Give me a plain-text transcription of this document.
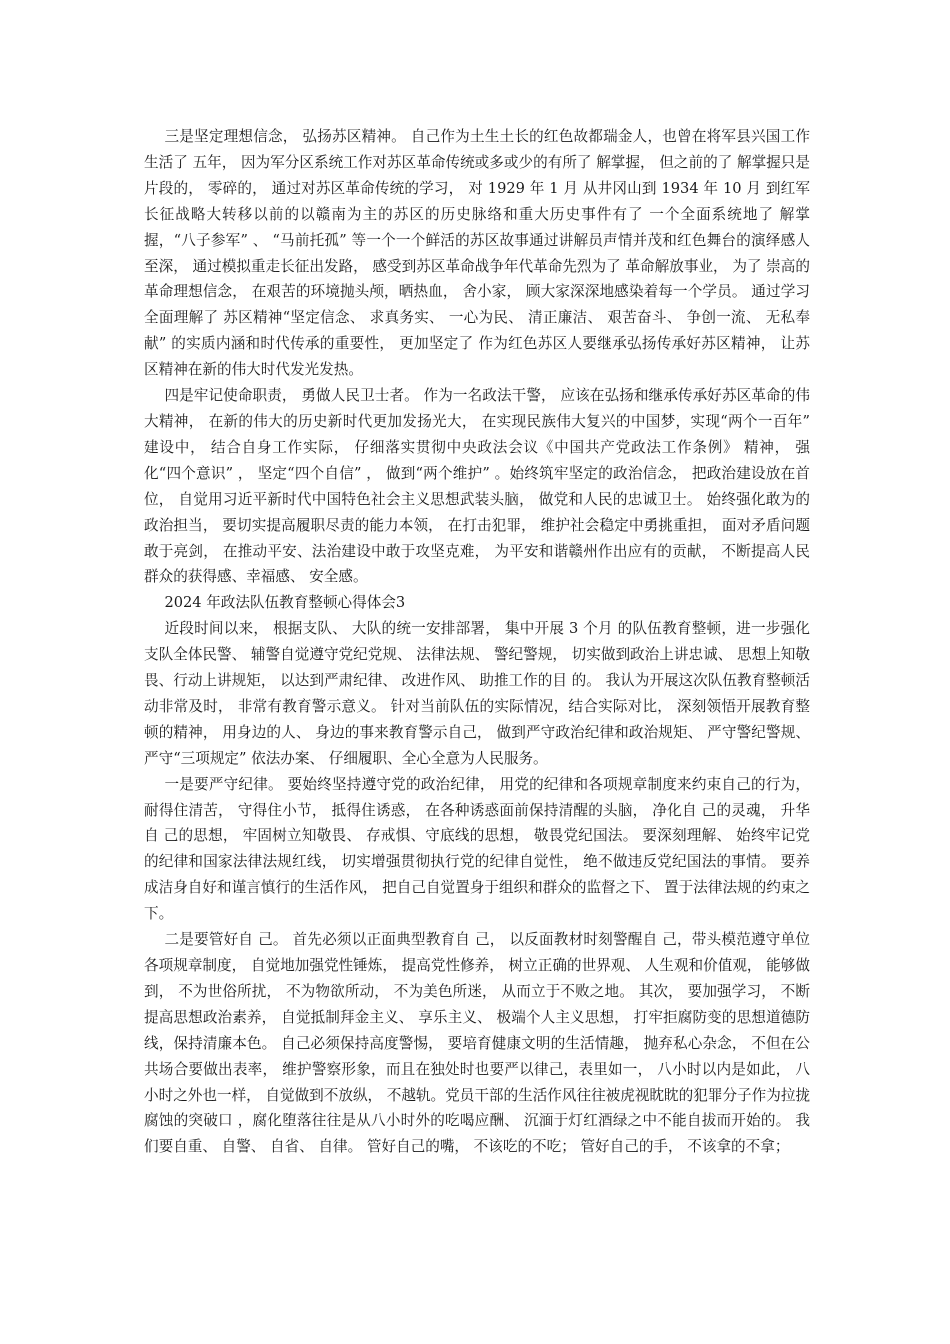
三是坚定理想信念， 弘扬苏区精神。 自己作为土生土长的红色故都瑞金人，也曾在将军县兴国工作生活了 五年， 因为军分区系统工作对苏区革命传统或多或少的有所了 解掌握， 但之前的了 解掌握只是片段的， 零碎的， 通过对苏区革命传统的学习， 对 1929 年 1 月 从井冈山到 1934 年 10 月 到红军长征战略大转移以前的以赣南为主的苏区的历史脉络和重大历史事件有了 一个全面系统地了 解掌握，“八子参军” 、 “马前托孤” 等一个一个鲜活的苏区故事通过讲解员声情并茂和红色舞台的演绎感人至深， 通过模拟重走长征出发路， 感受到苏区革命战争年代革命先烈为了 革命解放事业， 为了 崇高的革命理想信念， 在艰苦的环境抛头颅，晒热血， 舍小家， 顾大家深深地感染着每一个学员。 通过学习全面理解了 苏区精神“坚定信念、 求真务实、 一心为民、 清正廉洁、 艰苦奋斗、 争创一流、 无私奉献” 的实质内涵和时代传承的重要性， 更加坚定了 作为红色苏区人要继承弘扬传承好苏区精神， 让苏区精神在新的伟大时代发光发热。

四是牢记使命职责， 勇做人民卫士者。 作为一名政法干警， 应该在弘扬和继承传承好苏区革命的伟大精神， 在新的伟大的历史新时代更加发扬光大， 在实现民族伟大复兴的中国梦，实现“两个一百年” 建设中， 结合自身工作实际， 仔细落实贯彻中央政法会议《中国共产党政法工作条例》 精神， 强化“四个意识” ， 坚定“四个自信” ， 做到“两个维护” 。始终筑牢坚定的政治信念， 把政治建设放在首位， 自觉用习近平新时代中国特色社会主义思想武装头脑， 做党和人民的忠诚卫士。 始终强化敢为的政治担当， 要切实提高履职尽责的能力本领， 在打击犯罪， 维护社会稳定中勇挑重担， 面对矛盾问题敢于亮剑， 在推动平安、法治建设中敢于攻坚克难， 为平安和谐赣州作出应有的贡献， 不断提高人民群众的获得感、幸福感、 安全感。

2024 年政法队伍教育整顿心得体会3

近段时间以来， 根据支队、 大队的统一安排部署， 集中开展 3 个月 的队伍教育整顿，进一步强化支队全体民警、 辅警自觉遵守党纪党规、 法律法规、 警纪警规， 切实做到政治上讲忠诚、 思想上知敬畏、行动上讲规矩， 以达到严肃纪律、 改进作风、 助推工作的目 的。 我认为开展这次队伍教育整顿活动非常及时， 非常有教育警示意义。 针对当前队伍的实际情况，结合实际对比， 深刻领悟开展教育整顿的精神， 用身边的人、 身边的事来教育警示自己， 做到严守政治纪律和政治规矩、 严守警纪警规、 严守“三项规定” 依法办案、 仔细履职、全心全意为人民服务。

一是要严守纪律。 要始终坚持遵守党的政治纪律， 用党的纪律和各项规章制度来约束自己的行为， 耐得住清苦， 守得住小节， 抵得住诱惑， 在各种诱惑面前保持清醒的头脑， 净化自 己的灵魂， 升华自 己的思想， 牢固树立知敬畏、 存戒惧、守底线的思想， 敬畏党纪国法。 要深刻理解、 始终牢记党的纪律和国家法律法规红线， 切实增强贯彻执行党的纪律自觉性， 绝不做违反党纪国法的事情。 要养成洁身自好和谨言慎行的生活作风， 把自己自觉置身于组织和群众的监督之下、 置于法律法规的约束之下。

二是要管好自 己。 首先必须以正面典型教育自 己， 以反面教材时刻警醒自 己，带头模范遵守单位各项规章制度， 自觉地加强党性锤炼， 提高党性修养， 树立正确的世界观、 人生观和价值观， 能够做到， 不为世俗所扰， 不为物欲所动， 不为美色所迷， 从而立于不败之地。 其次， 要加强学习， 不断提高思想政治素养， 自觉抵制拜金主义、 享乐主义、 极端个人主义思想， 打牢拒腐防变的思想道德防线，保持清廉本色。 自己必须保持高度警惕， 要培育健康文明的生活情趣， 抛弃私心杂念， 不但在公共场合要做出表率， 维护警察形象，而且在独处时也要严以律己，表里如一， 八小时以内是如此， 八小时之外也一样， 自觉做到不放纵， 不越轨。党员干部的生活作风往往被虎视眈眈的犯罪分子作为拉拢腐蚀的突破口 ，腐化堕落往往是从八小时外的吃喝应酬、 沉湎于灯红酒绿之中不能自拔而开始的。 我们要自重、 自警、 自省、 自律。 管好自己的嘴， 不该吃的不吃； 管好自己的手， 不该拿的不拿；
